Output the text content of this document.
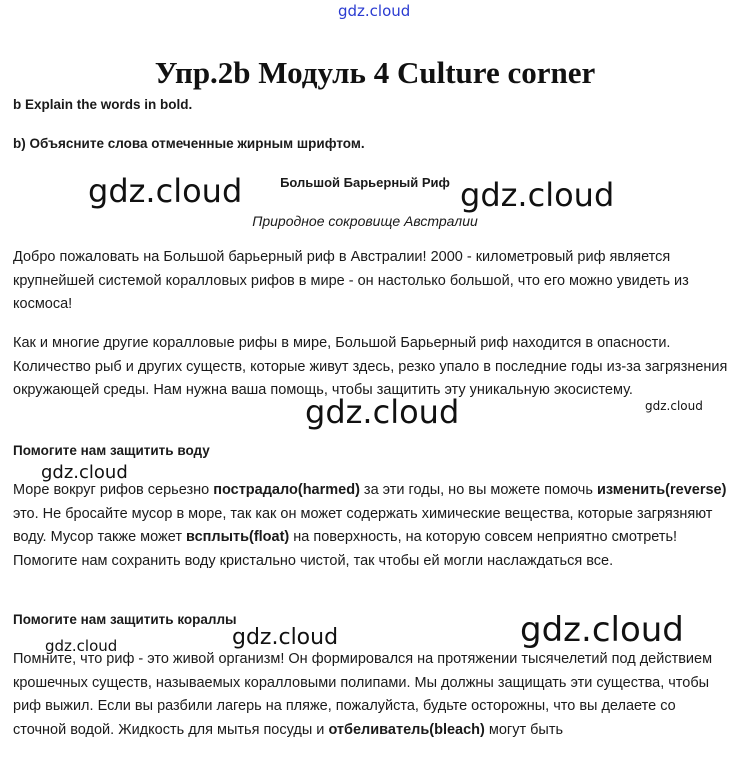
gdz.cloud
Упр.2b Модуль 4 Culture corner
b Explain the words in bold.
b) Объясните слова отмеченные жирным шрифтом.
Большой Барьерный Риф
Природное сокровище Австралии

Добро пожаловать на Большой барьерный риф в Австралии! 2000 - километровый риф является крупнейшей системой коралловых рифов в мире - он настолько большой, что его можно увидеть из космоса!

Как и многие другие коралловые рифы в мире, Большой Барьерный риф находится в опасности. Количество рыб и других существ, которые живут здесь, резко упало в последние годы из-за загрязнения окружающей среды. Нам нужна ваша помощь, чтобы защитить эту уникальную экосистему.

Помогите нам защитить воду

Море вокруг рифов серьезно пострадало(harmed) за эти годы, но вы можете помочь изменить(reverse) это. Не бросайте мусор в море, так как он может содержать химические вещества, которые загрязняют воду. Мусор также может всплыть(float) на поверхность, на которую совсем неприятно смотреть! Помогите нам сохранить воду кристально чистой, так чтобы ей могли наслаждаться все.

Помогите нам защитить кораллы

Помните, что риф - это живой организм! Он формировался на протяжении тысячелетий под действием крошечных существ, называемых коралловыми полипами. Мы должны защищать эти существа, чтобы риф выжил. Если вы разбили лагерь на пляже, пожалуйста, будьте осторожны, что вы делаете со сточной водой. Жидкость для мытья посуды и отбеливатель(bleach) могут быть

gdz.cloud	gdz.cloud
gdz.cloud	gdz.cloud
gdz.cloud
gdz.cloud	gdz.cloud
gdz.cloud
